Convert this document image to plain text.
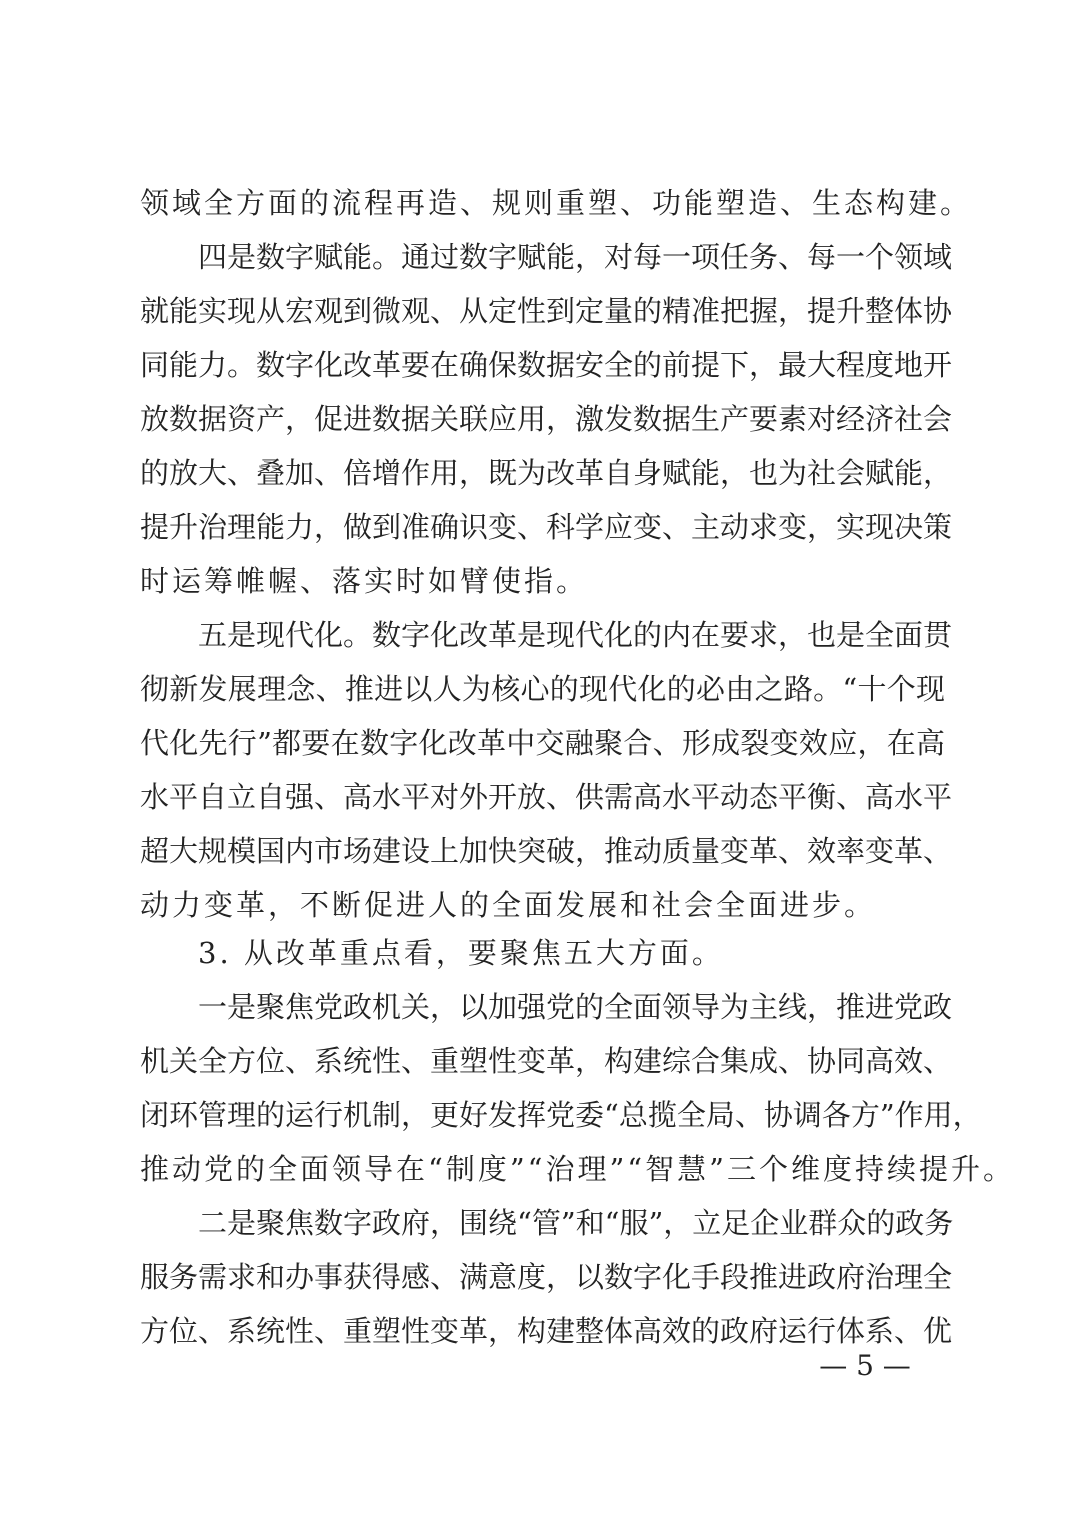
领域全方面的流程再造、规则重塑、功能塑造、生态构建。
四是数字赋能。通过数字赋能，对每一项任务、每一个领域
就能实现从宏观到微观、从定性到定量的精准把握，提升整体协
同能力。数字化改革要在确保数据安全的前提下，最大程度地开
放数据资产，促进数据关联应用，激发数据生产要素对经济社会
的放大、叠加、倍增作用，既为改革自身赋能，也为社会赋能，
提升治理能力，做到准确识变、科学应变、主动求变，实现决策
时运筹帷幄、落实时如臂使指。
五是现代化。数字化改革是现代化的内在要求，也是全面贯
彻新发展理念、推进以人为核心的现代化的必由之路。“十个现
代化先行”都要在数字化改革中交融聚合、形成裂变效应，在高
水平自立自强、高水平对外开放、供需高水平动态平衡、高水平
超大规模国内市场建设上加快突破，推动质量变革、效率变革、
动力变革，不断促进人的全面发展和社会全面进步。
3. 从改革重点看，要聚焦五大方面。
一是聚焦党政机关，以加强党的全面领导为主线，推进党政
机关全方位、系统性、重塑性变革，构建综合集成、协同高效、
闭环管理的运行机制，更好发挥党委“总揽全局、协调各方”作用，
推动党的全面领导在“制度”“治理”“智慧”三个维度持续提升。
二是聚焦数字政府，围绕“管”和“服”，立足企业群众的政务
服务需求和办事获得感、满意度，以数字化手段推进政府治理全
方位、系统性、重塑性变革，构建整体高效的政府运行体系、优
— 5 —
